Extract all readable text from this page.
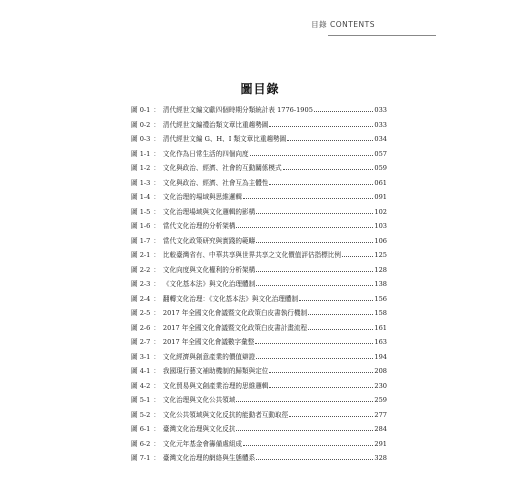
目錄 CONTENTS
圖目錄
圖 0-1 ： 清代經世文編文獻四個時期分類統計表 1776-1905	033
圖 0-2 ： 清代經世文編禮治類文章比重趨勢圖	033
圖 0-3 ： 清代經世文編 G、H、I 類文章比重趨勢圖	034
圖 1-1 ： 文化作為日常生活的四個向度	057
圖 1-2 ： 文化與政治、經濟、社會的互動關係模式	059
圖 1-3 ： 文化與政治、經濟、社會互為主體性	061
圖 1-4 ： 文化治理的場域與思維邏輯	091
圖 1-5 ： 文化治理場域與文化邏輯的影構	102
圖 1-6 ： 當代文化治理的分析架構	103
圖 1-7 ： 當代文化政策研究與實踐的範疇	106
圖 2-1 ： 比較臺灣省有、中華共享與世界共享之文化價值評估指標比例	125
圖 2-2 ： 文化向度與文化權利的分析架構	128
圖 2-3 ： 《文化基本法》與文化治理體制	138
圖 2-4 ： 翻轉文化治理：《文化基本法》與文化治理體制	156
圖 2-5 ： 2017 年全國文化會議暨文化政策白皮書執行機制	158
圖 2-6 ： 2017 年全國文化會議暨文化政策白皮書計畫流程	161
圖 2-7 ： 2017 年全國文化會議數字彙整	163
圖 3-1 ： 文化經濟與創意產業的價值辯證	194
圖 4-1 ： 我國現行藝文補助機制的歸類與定位	208
圖 4-2 ： 文化貿易與文創產業治理的思維邏輯	230
圖 5-1 ： 文化治理與文化公共領域	259
圖 5-2 ： 文化公共領域與文化反抗的能動者互動取徑	277
圖 6-1 ： 臺灣文化治理與文化反抗	284
圖 6-2 ： 文化元年基金會籌備處組成	291
圖 7-1 ： 臺灣文化治理的網絡與生態體系	328
